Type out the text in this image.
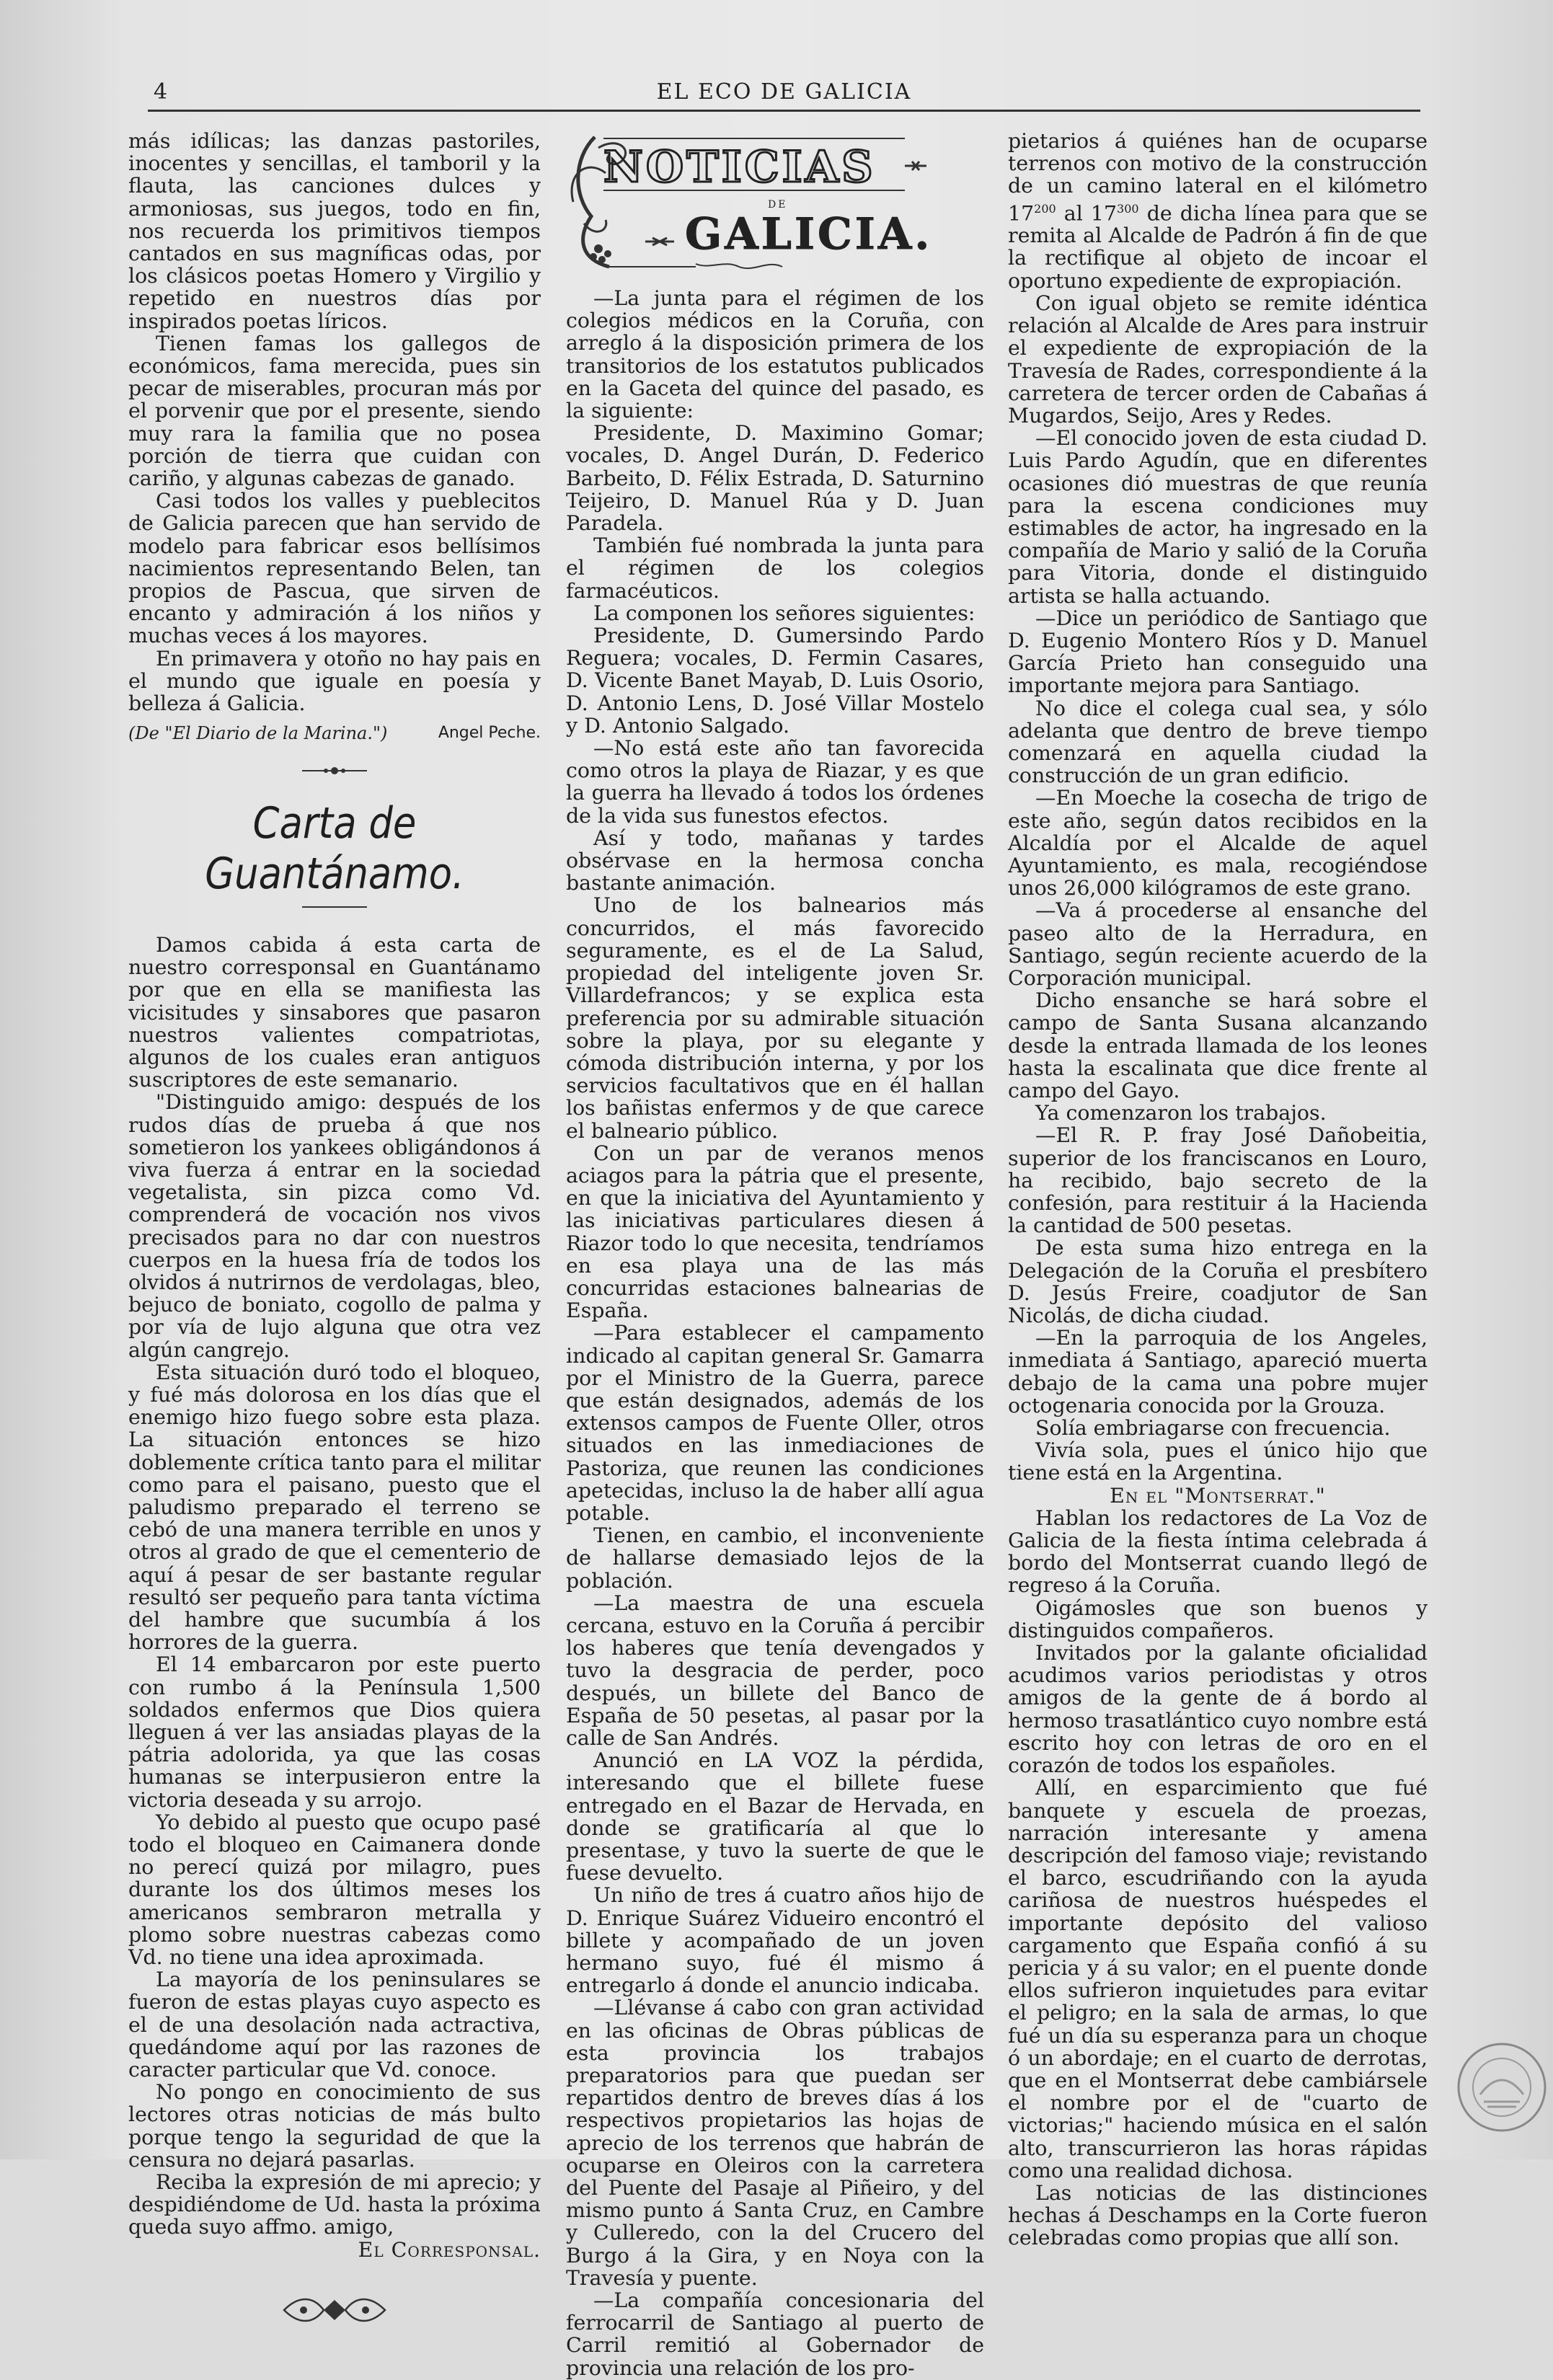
4	EL ECO DE GALICIA

más idílicas; las danzas pastoriles, inocentes y sencillas, el tamboril y la flauta, las canciones dulces y armoniosas, sus juegos, todo en fin, nos recuerda los primitivos tiempos cantados en sus magníficas odas, por los clásicos poetas Homero y Virgilio y repetido en nuestros días por inspirados poetas líricos.

Tienen famas los gallegos de económicos, fama merecida, pues sin pecar de miserables, procuran más por el porvenir que por el presente, siendo muy rara la familia que no posea porción de tierra que cuidan con cariño, y algunas cabezas de ganado.

Casi todos los valles y pueblecitos de Galicia parecen que han servido de modelo para fabricar esos bellísimos nacimientos representando Belen, tan propios de Pascua, que sirven de encanto y admiración á los niños y muchas veces á los mayores.

En primavera y otoño no hay pais en el mundo que iguale en poesía y belleza á Galicia.

Angel Peche.

(De "El Diario de la Marina.")

Carta de Guantánamo.

Damos cabida á esta carta de nuestro corresponsal en Guantánamo por que en ella se manifiesta las vicisitudes y sinsabores que pasaron nuestros valientes compatriotas, algunos de los cuales eran antiguos suscriptores de este semanario.

"Distinguido amigo: después de los rudos días de prueba á que nos sometieron los yankees obligándonos á viva fuerza á entrar en la sociedad vegetalista, sin pizca como Vd. comprenderá de vocación nos vivos precisados para no dar con nuestros cuerpos en la huesa fría de todos los olvidos á nutrirnos de verdolagas, bleo, bejuco de boniato, cogollo de palma y por vía de lujo alguna que otra vez algún cangrejo.

Esta situación duró todo el bloqueo, y fué más dolorosa en los días que el enemigo hizo fuego sobre esta plaza. La situación entonces se hizo doblemente crítica tanto para el militar como para el paisano, puesto que el paludismo preparado el terreno se cebó de una manera terrible en unos y otros al grado de que el cementerio de aquí á pesar de ser bastante regular resultó ser pequeño para tanta víctima del hambre que sucumbía á los horrores de la guerra.

El 14 embarcaron por este puerto con rumbo á la Península 1,500 soldados enfermos que Dios quiera lleguen á ver las ansiadas playas de la pátria adolorida, ya que las cosas humanas se interpusieron entre la victoria deseada y su arrojo.

Yo debido al puesto que ocupo pasé todo el bloqueo en Caimanera donde no perecí quizá por milagro, pues durante los dos últimos meses los americanos sembraron metralla y plomo sobre nuestras cabezas como Vd. no tiene una idea aproximada.

La mayoría de los peninsulares se fueron de estas playas cuyo aspecto es el de una desolación nada actractiva, quedándome aquí por las razones de caracter particular que Vd. conoce.

No pongo en conocimiento de sus lectores otras noticias de más bulto porque tengo la seguridad de que la censura no dejará pasarlas.

Reciba la expresión de mi aprecio; y despidiéndome de Ud. hasta la próxima queda suyo affmo. amigo,

El Corresponsal.

NOTICIAS
DE
GALICIA.

—La junta para el régimen de los colegios médicos en la Coruña, con arreglo á la disposición primera de los transitorios de los estatutos publicados en la Gaceta del quince del pasado, es la siguiente:

Presidente, D. Maximino Gomar; vocales, D. Angel Durán, D. Federico Barbeito, D. Félix Estrada, D. Saturnino Teijeiro, D. Manuel Rúa y D. Juan Paradela.

También fué nombrada la junta para el régimen de los colegios farmacéuticos.

La componen los señores siguientes:

Presidente, D. Gumersindo Pardo Reguera; vocales, D. Fermin Casares, D. Vicente Banet Mayab, D. Luis Osorio, D. Antonio Lens, D. José Villar Mostelo y D. Antonio Salgado.

—No está este año tan favorecida como otros la playa de Riazar, y es que la guerra ha llevado á todos los órdenes de la vida sus funestos efectos.

Así y todo, mañanas y tardes obsérvase en la hermosa concha bastante animación.

Uno de los balnearios más concurridos, el más favorecido seguramente, es el de La Salud, propiedad del inteligente joven Sr. Villardefrancos; y se explica esta preferencia por su admirable situación sobre la playa, por su elegante y cómoda distribución interna, y por los servicios facultativos que en él hallan los bañistas enfermos y de que carece el balneario público.

Con un par de veranos menos aciagos para la pátria que el presente, en que la iniciativa del Ayuntamiento y las iniciativas particulares diesen á Riazor todo lo que necesita, tendríamos en esa playa una de las más concurridas estaciones balnearias de España.

—Para establecer el campamento indicado al capitan general Sr. Gamarra por el Ministro de la Guerra, parece que están designados, además de los extensos campos de Fuente Oller, otros situados en las inmediaciones de Pastoriza, que reunen las condiciones apetecidas, incluso la de haber allí agua potable.

Tienen, en cambio, el inconveniente de hallarse demasiado lejos de la población.

—La maestra de una escuela cercana, estuvo en la Coruña á percibir los haberes que tenía devengados y tuvo la desgracia de perder, poco después, un billete del Banco de España de 50 pesetas, al pasar por la calle de San Andrés.

Anunció en LA VOZ la pérdida, interesando que el billete fuese entregado en el Bazar de Hervada, en donde se gratificaría al que lo presentase, y tuvo la suerte de que le fuese devuelto.

Un niño de tres á cuatro años hijo de D. Enrique Suárez Vidueiro encontró el billete y acompañado de un joven hermano suyo, fué él mismo á entregarlo á donde el anuncio indicaba.

—Llévanse á cabo con gran actividad en las oficinas de Obras públicas de esta provincia los trabajos preparatorios para que puedan ser repartidos dentro de breves días á los respectivos propietarios las hojas de aprecio de los terrenos que habrán de ocuparse en Oleiros con la carretera del Puente del Pasaje al Piñeiro, y del mismo punto á Santa Cruz, en Cambre y Culleredo, con la del Crucero del Burgo á la Gira, y en Noya con la Travesía y puente.

—La compañía concesionaria del ferrocarril de Santiago al puerto de Carril remitió al Gobernador de provincia una relación de los pro-

pietarios á quiénes han de ocuparse terrenos con motivo de la construcción de un camino lateral en el kilómetro $17^{200}$ al $17^{300}$ de dicha línea para que se remita al Alcalde de Padrón á fin de que la rectifique al objeto de incoar el oportuno expediente de expropiación.

Con igual objeto se remite idéntica relación al Alcalde de Ares para instruir el expediente de expropiación de la Travesía de Rades, correspondiente á la carretera de tercer orden de Cabañas á Mugardos, Seijo, Ares y Redes.

—El conocido joven de esta ciudad D. Luis Pardo Agudín, que en diferentes ocasiones dió muestras de que reunía para la escena condiciones muy estimables de actor, ha ingresado en la compañía de Mario y salió de la Coruña para Vitoria, donde el distinguido artista se halla actuando.

—Dice un periódico de Santiago que D. Eugenio Montero Ríos y D. Manuel García Prieto han conseguido una importante mejora para Santiago.

No dice el colega cual sea, y sólo adelanta que dentro de breve tiempo comenzará en aquella ciudad la construcción de un gran edificio.

—En Moeche la cosecha de trigo de este año, según datos recibidos en la Alcaldía por el Alcalde de aquel Ayuntamiento, es mala, recogiéndose unos 26,000 kilógramos de este grano.

—Va á procederse al ensanche del paseo alto de la Herradura, en Santiago, según reciente acuerdo de la Corporación municipal.

Dicho ensanche se hará sobre el campo de Santa Susana alcanzando desde la entrada llamada de los leones hasta la escalinata que dice frente al campo del Gayo.

Ya comenzaron los trabajos.

—El R. P. fray José Dañobeitia, superior de los franciscanos en Louro, ha recibido, bajo secreto de la confesión, para restituir á la Hacienda la cantidad de 500 pesetas.

De esta suma hizo entrega en la Delegación de la Coruña el presbítero D. Jesús Freire, coadjutor de San Nicolás, de dicha ciudad.

—En la parroquia de los Angeles, inmediata á Santiago, apareció muerta debajo de la cama una pobre mujer octogenaria conocida por la Grouza.

Solía embriagarse con frecuencia.

Vivía sola, pues el único hijo que tiene está en la Argentina.

En el "Montserrat."

Hablan los redactores de La Voz de Galicia de la fiesta íntima celebrada á bordo del Montserrat cuando llegó de regreso á la Coruña.

Oigámosles que son buenos y distinguidos compañeros.

Invitados por la galante oficialidad acudimos varios periodistas y otros amigos de la gente de á bordo al hermoso trasatlántico cuyo nombre está escrito hoy con letras de oro en el corazón de todos los españoles.

Allí, en esparcimiento que fué banquete y escuela de proezas, narración interesante y amena descripción del famoso viaje; revistando el barco, escudriñando con la ayuda cariñosa de nuestros huéspedes el importante depósito del valioso cargamento que España confió á su pericia y á su valor; en el puente donde ellos sufrieron inquietudes para evitar el peligro; en la sala de armas, lo que fué un día su esperanza para un choque ó un abordaje; en el cuarto de derrotas, que en el Montserrat debe cambiársele el nombre por el de "cuarto de victorias;" haciendo música en el salón alto, transcurrieron las horas rápidas como una realidad dichosa.

Las noticias de las distinciones hechas á Deschamps en la Corte fueron celebradas como propias que allí son.
